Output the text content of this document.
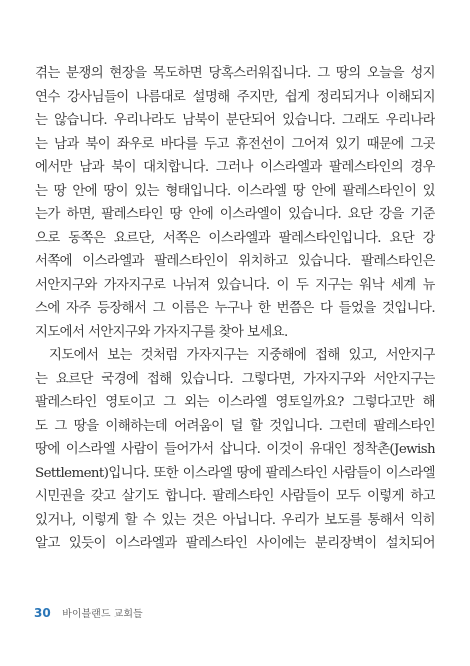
겪는 분쟁의 현장을 목도하면 당혹스러워집니다. 그 땅의 오늘을 성지
연수 강사님들이 나름대로 설명해 주지만, 쉽게 정리되거나 이해되지
는 않습니다. 우리나라도 남북이 분단되어 있습니다. 그래도 우리나라
는 남과 북이 좌우로 바다를 두고 휴전선이 그어져 있기 때문에 그곳
에서만 남과 북이 대치합니다. 그러나 이스라엘과 팔레스타인의 경우
는 땅 안에 땅이 있는 형태입니다. 이스라엘 땅 안에 팔레스타인이 있
는가 하면, 팔레스타인 땅 안에 이스라엘이 있습니다. 요단 강을 기준
으로 동쪽은 요르단, 서쪽은 이스라엘과 팔레스타인입니다. 요단 강
서쪽에 이스라엘과 팔레스타인이 위치하고 있습니다. 팔레스타인은
서안지구와 가자지구로 나뉘져 있습니다. 이 두 지구는 워낙 세계 뉴
스에 자주 등장해서 그 이름은 누구나 한 번쯤은 다 들었을 것입니다.
지도에서 서안지구와 가자지구를 찾아 보세요.
지도에서 보는 것처럼 가자지구는 지중해에 접해 있고, 서안지구
는 요르단 국경에 접해 있습니다. 그렇다면, 가자지구와 서안지구는
팔레스타인 영토이고 그 외는 이스라엘 영토일까요? 그렇다고만 해
도 그 땅을 이해하는데 어려움이 덜 할 것입니다. 그런데 팔레스타인
땅에 이스라엘 사람이 들어가서 삽니다. 이것이 유대인 정착촌(Jewish
Settlement)입니다. 또한 이스라엘 땅에 팔레스타인 사람들이 이스라엘
시민권을 갖고 살기도 합니다. 팔레스타인 사람들이 모두 이렇게 하고
있거나, 이렇게 할 수 있는 것은 아닙니다. 우리가 보도를 통해서 익히
알고 있듯이 이스라엘과 팔레스타인 사이에는 분리장벽이 설치되어
30 바이블랜드 교회들
